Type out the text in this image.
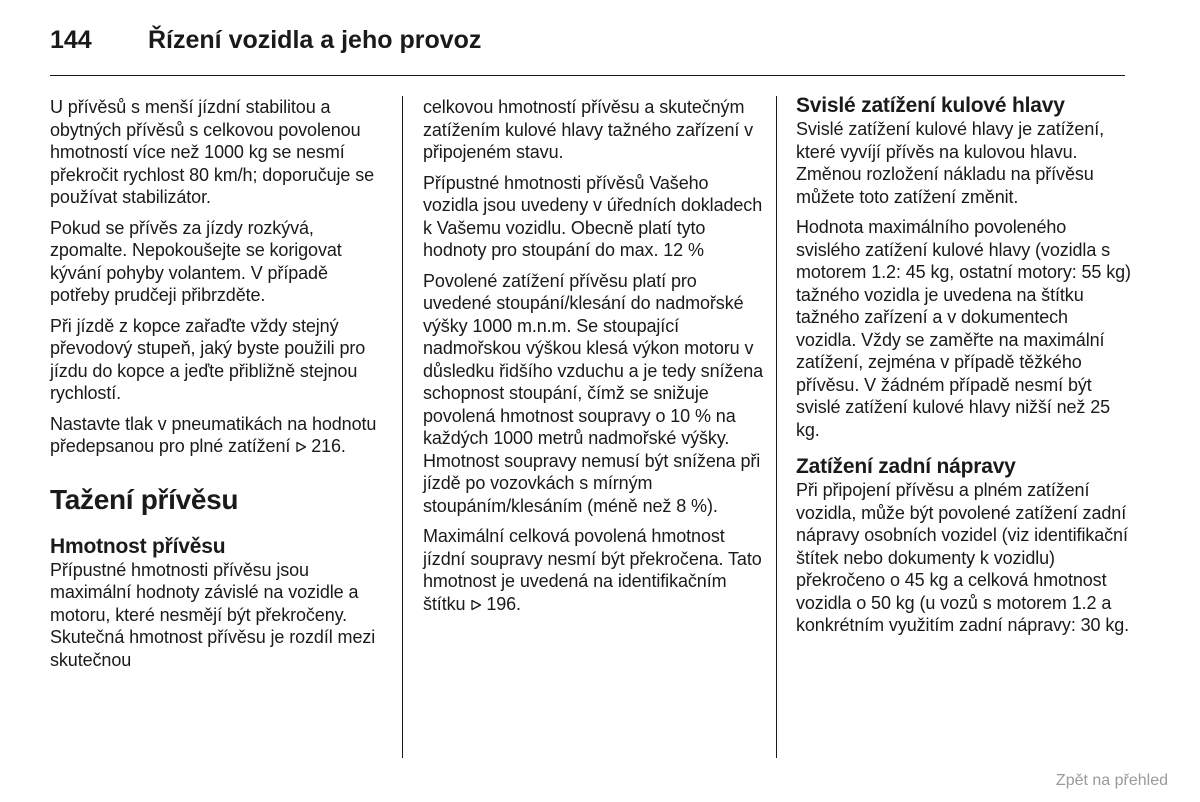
144 Řízení vozidla a jeho provoz

U přívěsů s menší jízdní stabilitou a obytných přívěsů s celkovou povolenou hmotností více než 1000 kg se nesmí překročit rychlost 80 km/h; doporučuje se používat stabilizátor.

Pokud se přívěs za jízdy rozkývá, zpomalte. Nepokoušejte se korigovat kývání pohyby volantem. V případě potřeby prudčeji přibrzděte.

Při jízdě z kopce zařaďte vždy stejný převodový stupeň, jaký byste použili pro jízdu do kopce a jeďte přibližně stejnou rychlostí.

Nastavte tlak v pneumatikách na hodnotu předepsanou pro plné zatížení 216.

Tažení přívěsu
Hmotnost přívěsu

Přípustné hmotnosti přívěsu jsou maximální hodnoty závislé na vozidle a motoru, které nesmějí být překročeny. Skutečná hmotnost přívěsu je rozdíl mezi skutečnou

celkovou hmotností přívěsu a skutečným zatížením kulové hlavy tažného zařízení v připojeném stavu.

Přípustné hmotnosti přívěsů Vašeho vozidla jsou uvedeny v úředních dokladech k Vašemu vozidlu. Obecně platí tyto hodnoty pro stoupání do max. 12 %

Povolené zatížení přívěsu platí pro uvedené stoupání/klesání do nadmořské výšky 1000 m.n.m. Se stoupající nadmořskou výškou klesá výkon motoru v důsledku řidšího vzduchu a je tedy snížena schopnost stoupání, čímž se snižuje povolená hmotnost soupravy o 10 % na každých 1000 metrů nadmořské výšky. Hmotnost soupravy nemusí být snížena při jízdě po vozovkách s mírným stoupáním/klesáním (méně než 8 %).

Maximální celková povolená hmotnost jízdní soupravy nesmí být překročena. Tato hmotnost je uvedená na identifikačním štítku 196.

Svislé zatížení kulové hlavy

Svislé zatížení kulové hlavy je zatížení, které vyvíjí přívěs na kulovou hlavu. Změnou rozložení nákladu na přívěsu můžete toto zatížení změnit.

Hodnota maximálního povoleného svislého zatížení kulové hlavy (vozidla s motorem 1.2: 45 kg, ostatní motory: 55 kg) tažného vozidla je uvedena na štítku tažného zařízení a v dokumentech vozidla. Vždy se zaměřte na maximální zatížení, zejména v případě těžkého přívěsu. V žádném případě nesmí být svislé zatížení kulové hlavy nižší než 25 kg.

Zatížení zadní nápravy

Při připojení přívěsu a plném zatížení vozidla, může být povolené zatížení zadní nápravy osobních vozidel (viz identifikační štítek nebo dokumenty k vozidlu) překročeno o 45 kg a celková hmotnost vozidla o 50 kg (u vozů s motorem 1.2 a konkrétním využitím zadní nápravy: 30 kg.

Zpět na přehled
